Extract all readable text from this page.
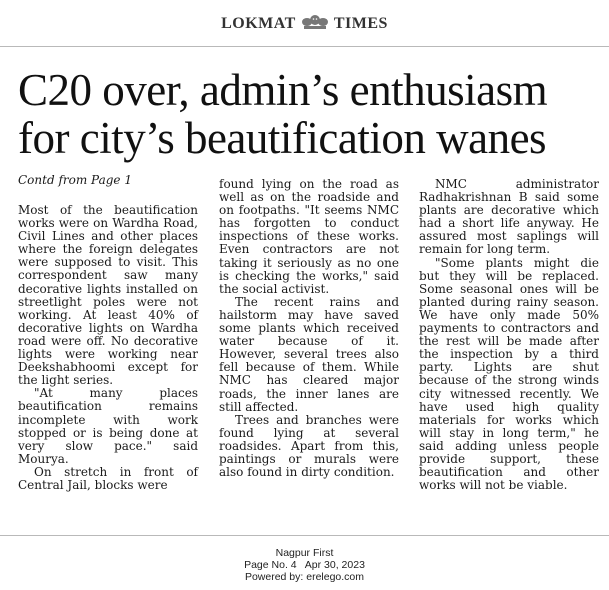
LOKMAT TIMES
C20 over, admin’s enthusiasm for city’s beautification wanes

Contd from Page 1

Most of the beautification works were on Wardha Road, Civil Lines and other places where the foreign delegates were supposed to visit. This correspondent saw many decorative lights installed on streetlight poles were not working. At least 40% of decorative lights on Wardha road were off. No decorative lights were working near Deekshabhoomi except for the light series.

"At many places beautification remains incomplete with work stopped or is being done at very slow pace." said Mourya.

On stretch in front of Central Jail, blocks were

found lying on the road as well as on the roadside and on footpaths. "It seems NMC has forgotten to conduct inspections of these works. Even contractors are not taking it seriously as no one is checking the works," said the social activist.

The recent rains and hailstorm may have saved some plants which received water because of it. However, several trees also fell because of them. While NMC has cleared major roads, the inner lanes are still affected.

Trees and branches were found lying at several roadsides. Apart from this, paintings or murals were also found in dirty condition.

NMC administrator Radhakrishnan B said some plants are decorative which had a short life anyway. He assured most saplings will remain for long term.

"Some plants might die but they will be replaced. Some seasonal ones will be planted during rainy season. We have only made 50% payments to contractors and the rest will be made after the inspection by a third party. Lights are shut because of the strong winds city witnessed recently. We have used high quality materials for works which will stay in long term," he said adding unless people provide support, these beautification and other works will not be viable.

Nagpur First
Page No. 4   Apr 30, 2023
Powered by: erelego.com
